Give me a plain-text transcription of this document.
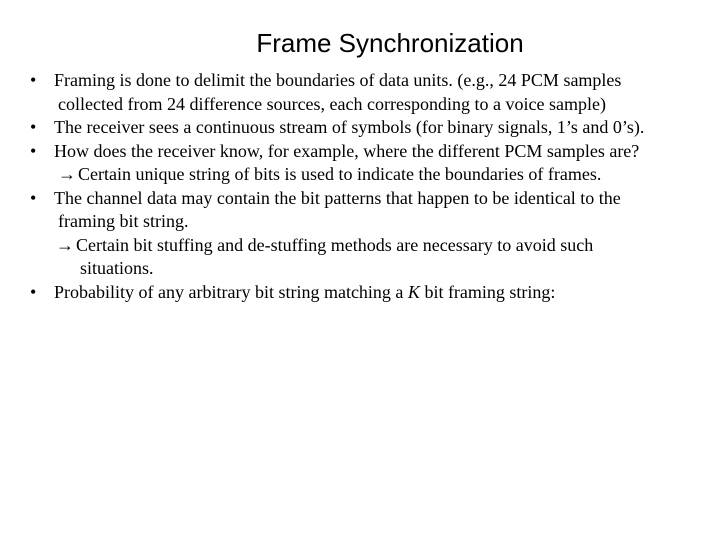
Frame Synchronization
• Framing is done to delimit the boundaries of data units. (e.g., 24 PCM samples
collected from 24 difference sources, each corresponding to a voice sample)
• The receiver sees a continuous stream of symbols (for binary signals, 1’s and 0’s).
• How does the receiver know, for example, where the different PCM samples are?
→ Certain unique string of bits is used to indicate the boundaries of frames.
• The channel data may contain the bit patterns that happen to be identical to the
framing bit string.
→ Certain bit stuffing and de-stuffing methods are necessary to avoid such
situations.
• Probability of any arbitrary bit string matching a K bit framing string:
